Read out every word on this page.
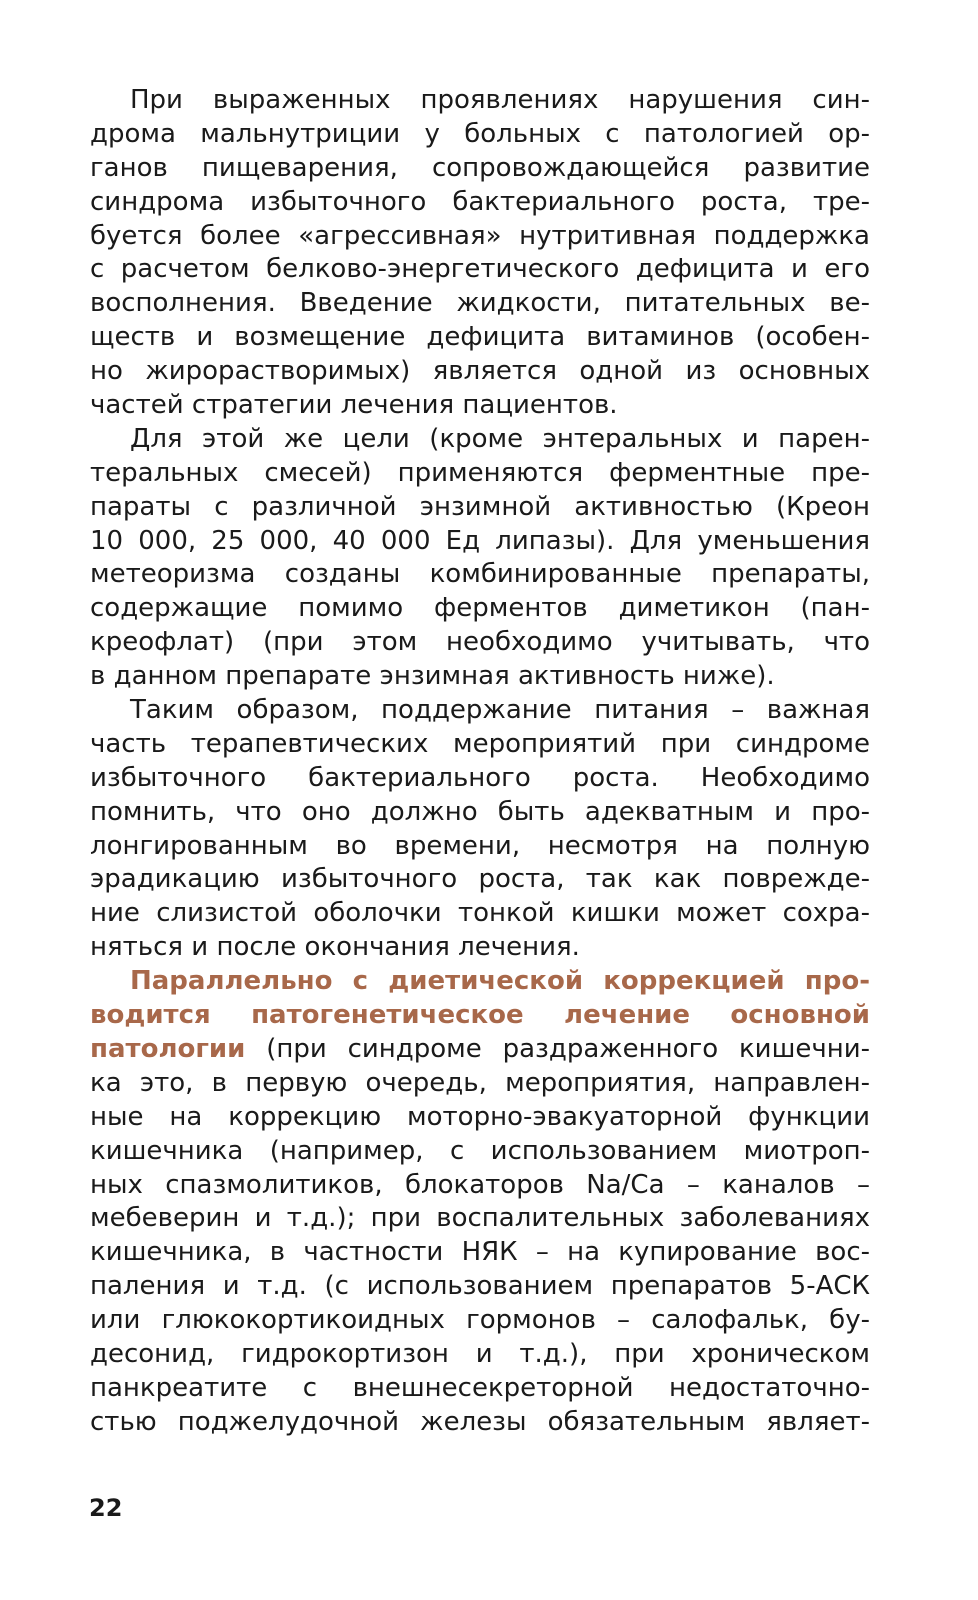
При выраженных проявлениях нарушения син-
дрома мальнутриции у больных с патологией ор-
ганов пищеварения, сопровождающейся развитие
синдрома избыточного бактериального роста, тре-
буется более «агрессивная» нутритивная поддержка
с расчетом белково-энергетического дефицита и его
восполнения. Введение жидкости, питательных ве-
ществ и возмещение дефицита витаминов (особен-
но жирорастворимых) является одной из основных
частей стратегии лечения пациентов.
Для этой же цели (кроме энтеральных и парен-
теральных смесей) применяются ферментные пре-
параты с различной энзимной активностью (Креон
10 000, 25 000, 40 000 Ед липазы). Для уменьшения
метеоризма созданы комбинированные препараты,
содержащие помимо ферментов диметикон (пан-
креофлат) (при этом необходимо учитывать, что
в данном препарате энзимная активность ниже).
Таким образом, поддержание питания – важная
часть терапевтических мероприятий при синдроме
избыточного бактериального роста. Необходимо
помнить, что оно должно быть адекватным и про-
лонгированным во времени, несмотря на полную
эрадикацию избыточного роста, так как поврежде-
ние слизистой оболочки тонкой кишки может сохра-
няться и после окончания лечения.
Параллельно с диетической коррекцией про-
водится патогенетическое лечение основной
патологии (при синдроме раздраженного кишечни-
ка это, в первую очередь, мероприятия, направлен-
ные на коррекцию моторно-эвакуаторной функции
кишечника (например, с использованием миотроп-
ных спазмолитиков, блокаторов Na/Ca – каналов –
мебеверин и т.д.); при воспалительных заболеваниях
кишечника, в частности НЯК – на купирование вос-
паления и т.д. (с использованием препаратов 5-АСК
или глюкокортикоидных гормонов – салофальк, бу-
десонид, гидрокортизон и т.д.), при хроническом
панкреатите с внешнесекреторной недостаточно-
стью поджелудочной железы обязательным являет-
22
